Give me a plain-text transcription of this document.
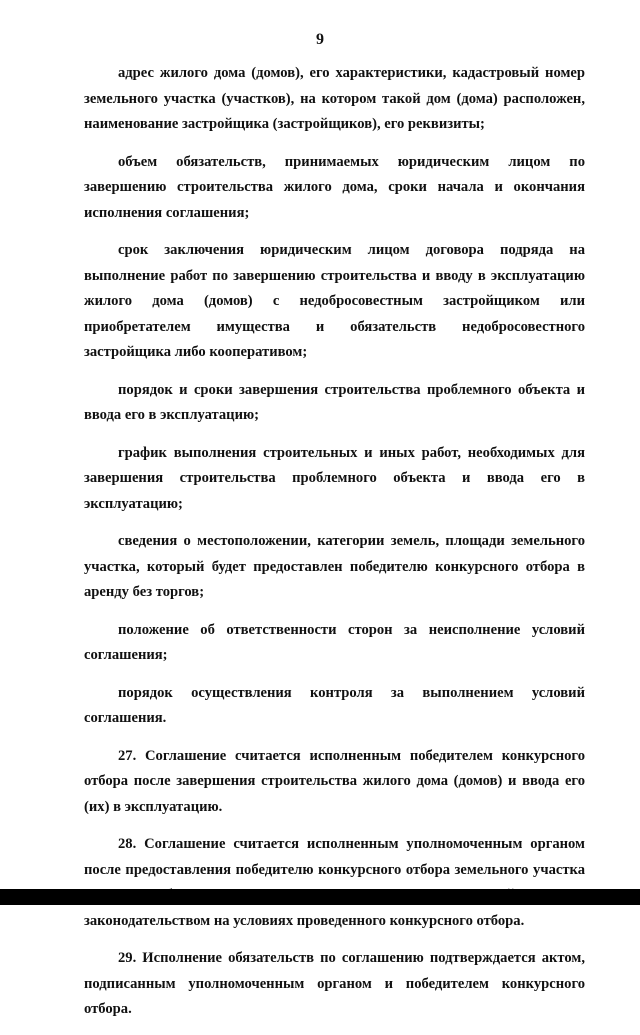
9

адрес жилого дома (домов), его характеристики, кадастровый номер земельного участка (участков), на котором такой дом (дома) расположен, наименование застройщика (застройщиков), его реквизиты;

объем обязательств, принимаемых юридическим лицом по завершению строительства жилого дома, сроки начала и окончания исполнения соглашения;

срок заключения юридическим лицом договора подряда на выполнение работ по завершению строительства и вводу в эксплуатацию жилого дома (домов) с недобросовестным застройщиком или приобретателем имущества и обязательств недобросовестного застройщика либо кооперативом;

порядок и сроки завершения строительства проблемного объекта и ввода его в эксплуатацию;

график выполнения строительных и иных работ, необходимых для завершения строительства проблемного объекта и ввода его в эксплуатацию;

сведения о местоположении, категории земель, площади земельного участка, который будет предоставлен победителю конкурсного отбора в аренду без торгов;

положение об ответственности сторон за неисполнение условий соглашения;

порядок осуществления контроля за выполнением условий соглашения.

27. Соглашение считается исполненным победителем конкурсного отбора после завершения строительства жилого дома (домов) и ввода его (их) в эксплуатацию.

28. Соглашение считается исполненным уполномоченным органом после предоставления победителю конкурсного отбора земельного участка законодательством на условиях проведенного конкурсного отбора.

29. Исполнение обязательств по соглашению подтверждается актом, подписанным уполномоченным органом и победителем конкурсного отбора.
